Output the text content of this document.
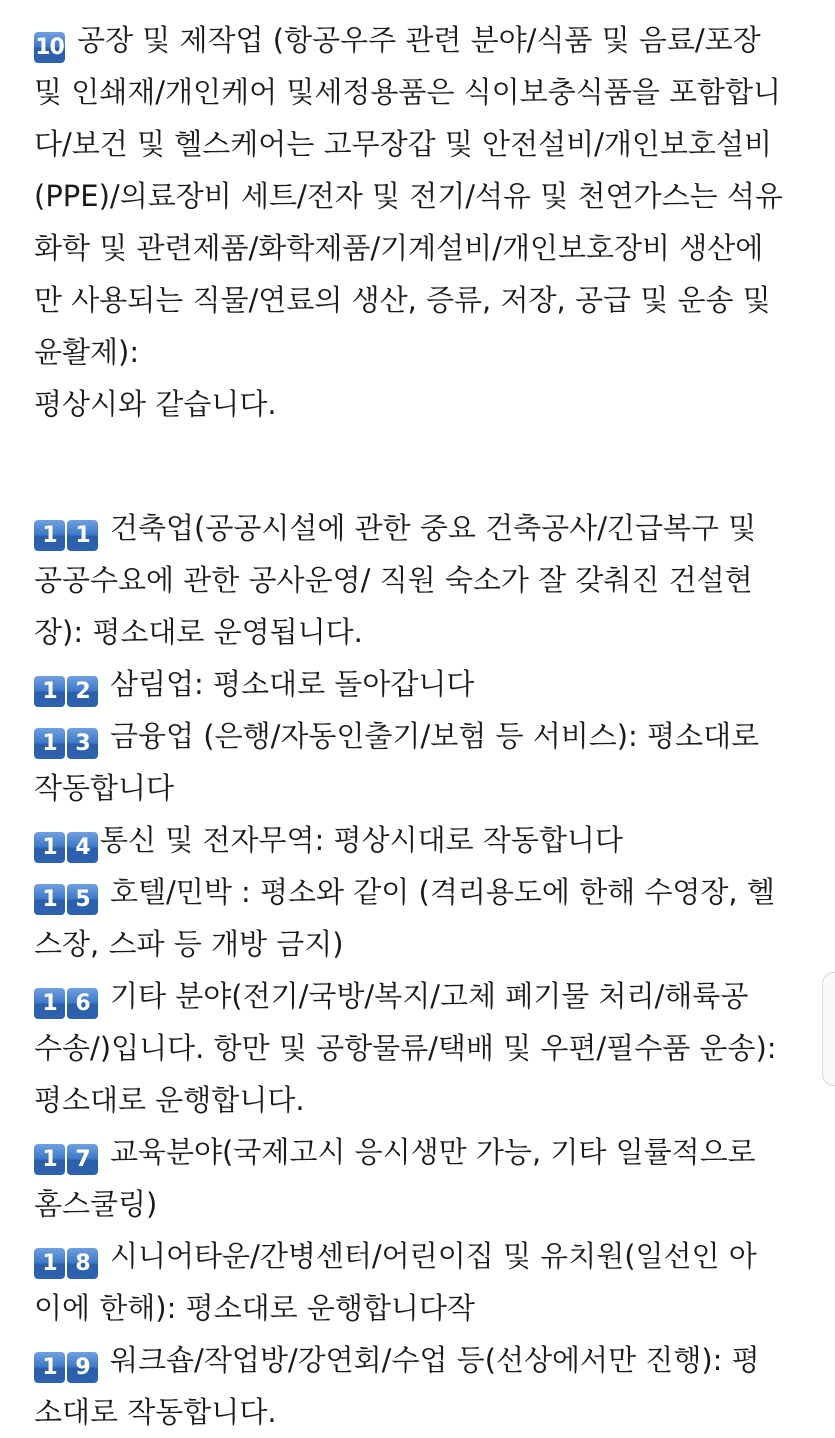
10 공장 및 제작업 (항공우주 관련 분야/식품 및 음료/포장
및 인쇄재/개인케어 및세정용품은 식이보충식품을 포함합니
다/보건 및 헬스케어는 고무장갑 및 안전설비/개인보호설비
(PPE)/의료장비 세트/전자 및 전기/석유 및 천연가스는 석유
화학 및 관련제품/화학제품/기계설비/개인보호장비 생산에
만 사용되는 직물/연료의 생산, 증류, 저장, 공급 및 운송 및
윤활제):
평상시와 같습니다.
1 1 건축업(공공시설에 관한 중요 건축공사/긴급복구 및
공공수요에 관한 공사운영/ 직원 숙소가 잘 갖춰진 건설현
장): 평소대로 운영됩니다.
1 2 삼림업: 평소대로 돌아갑니다
1 3 금융업 (은행/자동인출기/보험 등 서비스): 평소대로
작동합니다
1 4 통신 및 전자무역: 평상시대로 작동합니다
1 5 호텔/민박 : 평소와 같이 (격리용도에 한해 수영장, 헬
스장, 스파 등 개방 금지)
1 6 기타 분야(전기/국방/복지/고체 폐기물 처리/해륙공
수송/)입니다. 항만 및 공항물류/택배 및 우편/필수품 운송):
평소대로 운행합니다.
1 7 교육분야(국제고시 응시생만 가능, 기타 일률적으로
홈스쿨링)
1 8 시니어타운/간병센터/어린이집 및 유치원(일선인 아
이에 한해): 평소대로 운행합니다작
1 9 워크숍/작업방/강연회/수업 등(선상에서만 진행): 평
소대로 작동합니다.
